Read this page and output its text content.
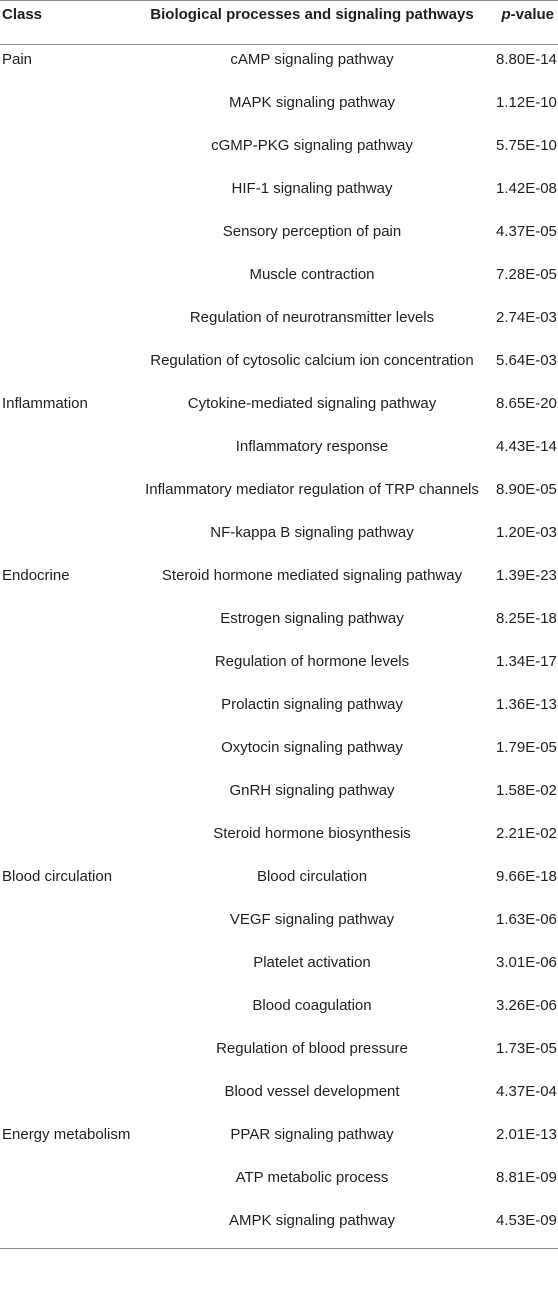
Class	Biological processes and signaling pathways	p-value
Pain	cAMP signaling pathway	8.80E-14
	MAPK signaling pathway	1.12E-10
	cGMP-PKG signaling pathway	5.75E-10
	HIF-1 signaling pathway	1.42E-08
	Sensory perception of pain	4.37E-05
	Muscle contraction	7.28E-05
	Regulation of neurotransmitter levels	2.74E-03
	Regulation of cytosolic calcium ion concentration	5.64E-03
Inflammation	Cytokine-mediated signaling pathway	8.65E-20
	Inflammatory response	4.43E-14
	Inflammatory mediator regulation of TRP channels	8.90E-05
	NF-kappa B signaling pathway	1.20E-03
Endocrine	Steroid hormone mediated signaling pathway	1.39E-23
	Estrogen signaling pathway	8.25E-18
	Regulation of hormone levels	1.34E-17
	Prolactin signaling pathway	1.36E-13
	Oxytocin signaling pathway	1.79E-05
	GnRH signaling pathway	1.58E-02
	Steroid hormone biosynthesis	2.21E-02
Blood circulation	Blood circulation	9.66E-18
	VEGF signaling pathway	1.63E-06
	Platelet activation	3.01E-06
	Blood coagulation	3.26E-06
	Regulation of blood pressure	1.73E-05
	Blood vessel development	4.37E-04
Energy metabolism	PPAR signaling pathway	2.01E-13
	ATP metabolic process	8.81E-09
	AMPK signaling pathway	4.53E-09
